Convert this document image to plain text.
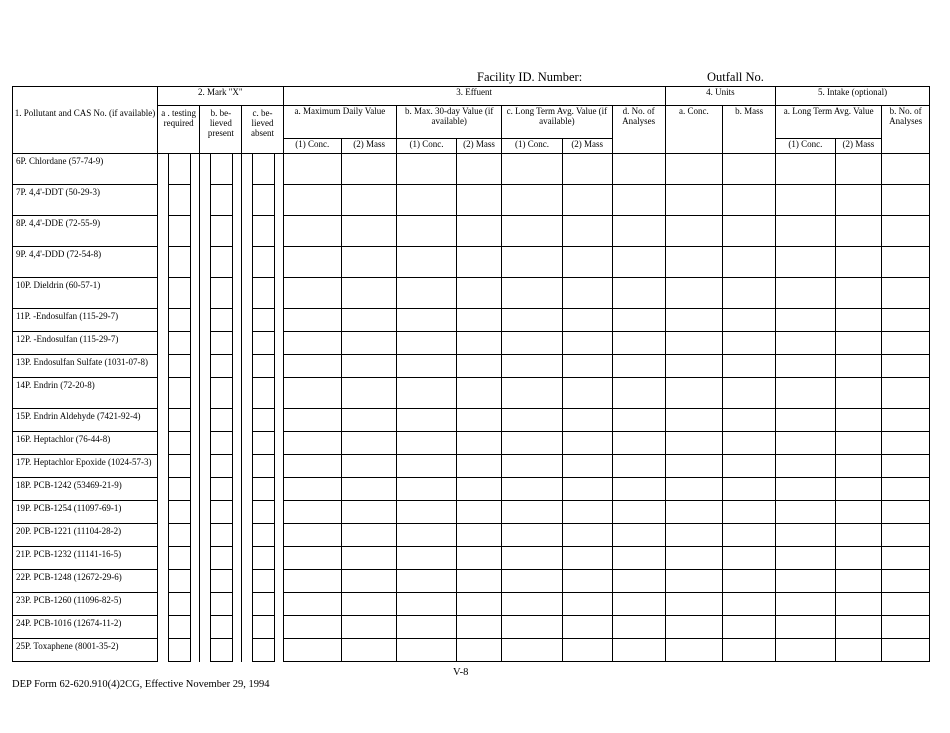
Facility ID. Number:	Outfall No.
	2. Mark "X"									3. Effuent							4. Units		5. Intake (optional)		
1. Pollutant and CAS No. (if available)	a . testing required			b. be- lieved present			c. be- lieved absent			a. Maximum Daily Value		b. Max. 30-day Value (if available)		c. Long Term Avg. Value (if available)		d. No. of Analyses	a. Conc.	b. Mass	a. Long Term Avg. Value		b. No. of Analyses
										(1) Conc.	(2) Mass	(1) Conc.	(2) Mass	(1) Conc.	(2) Mass				(1) Conc.	(2) Mass	
6P. Chlordane (57-74-9)																					
7P. 4,4'-DDT (50-29-3)																					
8P. 4,4'-DDE (72-55-9)																					
9P. 4,4'-DDD (72-54-8)																					
10P. Dieldrin (60-57-1)																					
11P. -Endosulfan (115-29-7)																					
12P. -Endosulfan (115-29-7)																					
13P. Endosulfan Sulfate (1031-07-8)																					
14P. Endrin (72-20-8)																					
15P. Endrin Aldehyde (7421-92-4)																					
16P. Heptachlor (76-44-8)																					
17P. Heptachlor Epoxide (1024-57-3)																					
18P. PCB-1242 (53469-21-9)																					
19P. PCB-1254 (11097-69-1)																					
20P. PCB-1221 (11104-28-2)																					
21P. PCB-1232 (11141-16-5)																					
22P. PCB-1248 (12672-29-6)																					
23P. PCB-1260 (11096-82-5)																					
24P. PCB-1016 (12674-11-2)																					
25P. Toxaphene (8001-35-2)																					
V-8
DEP Form 62-620.910(4)2CG, Effective November 29, 1994
